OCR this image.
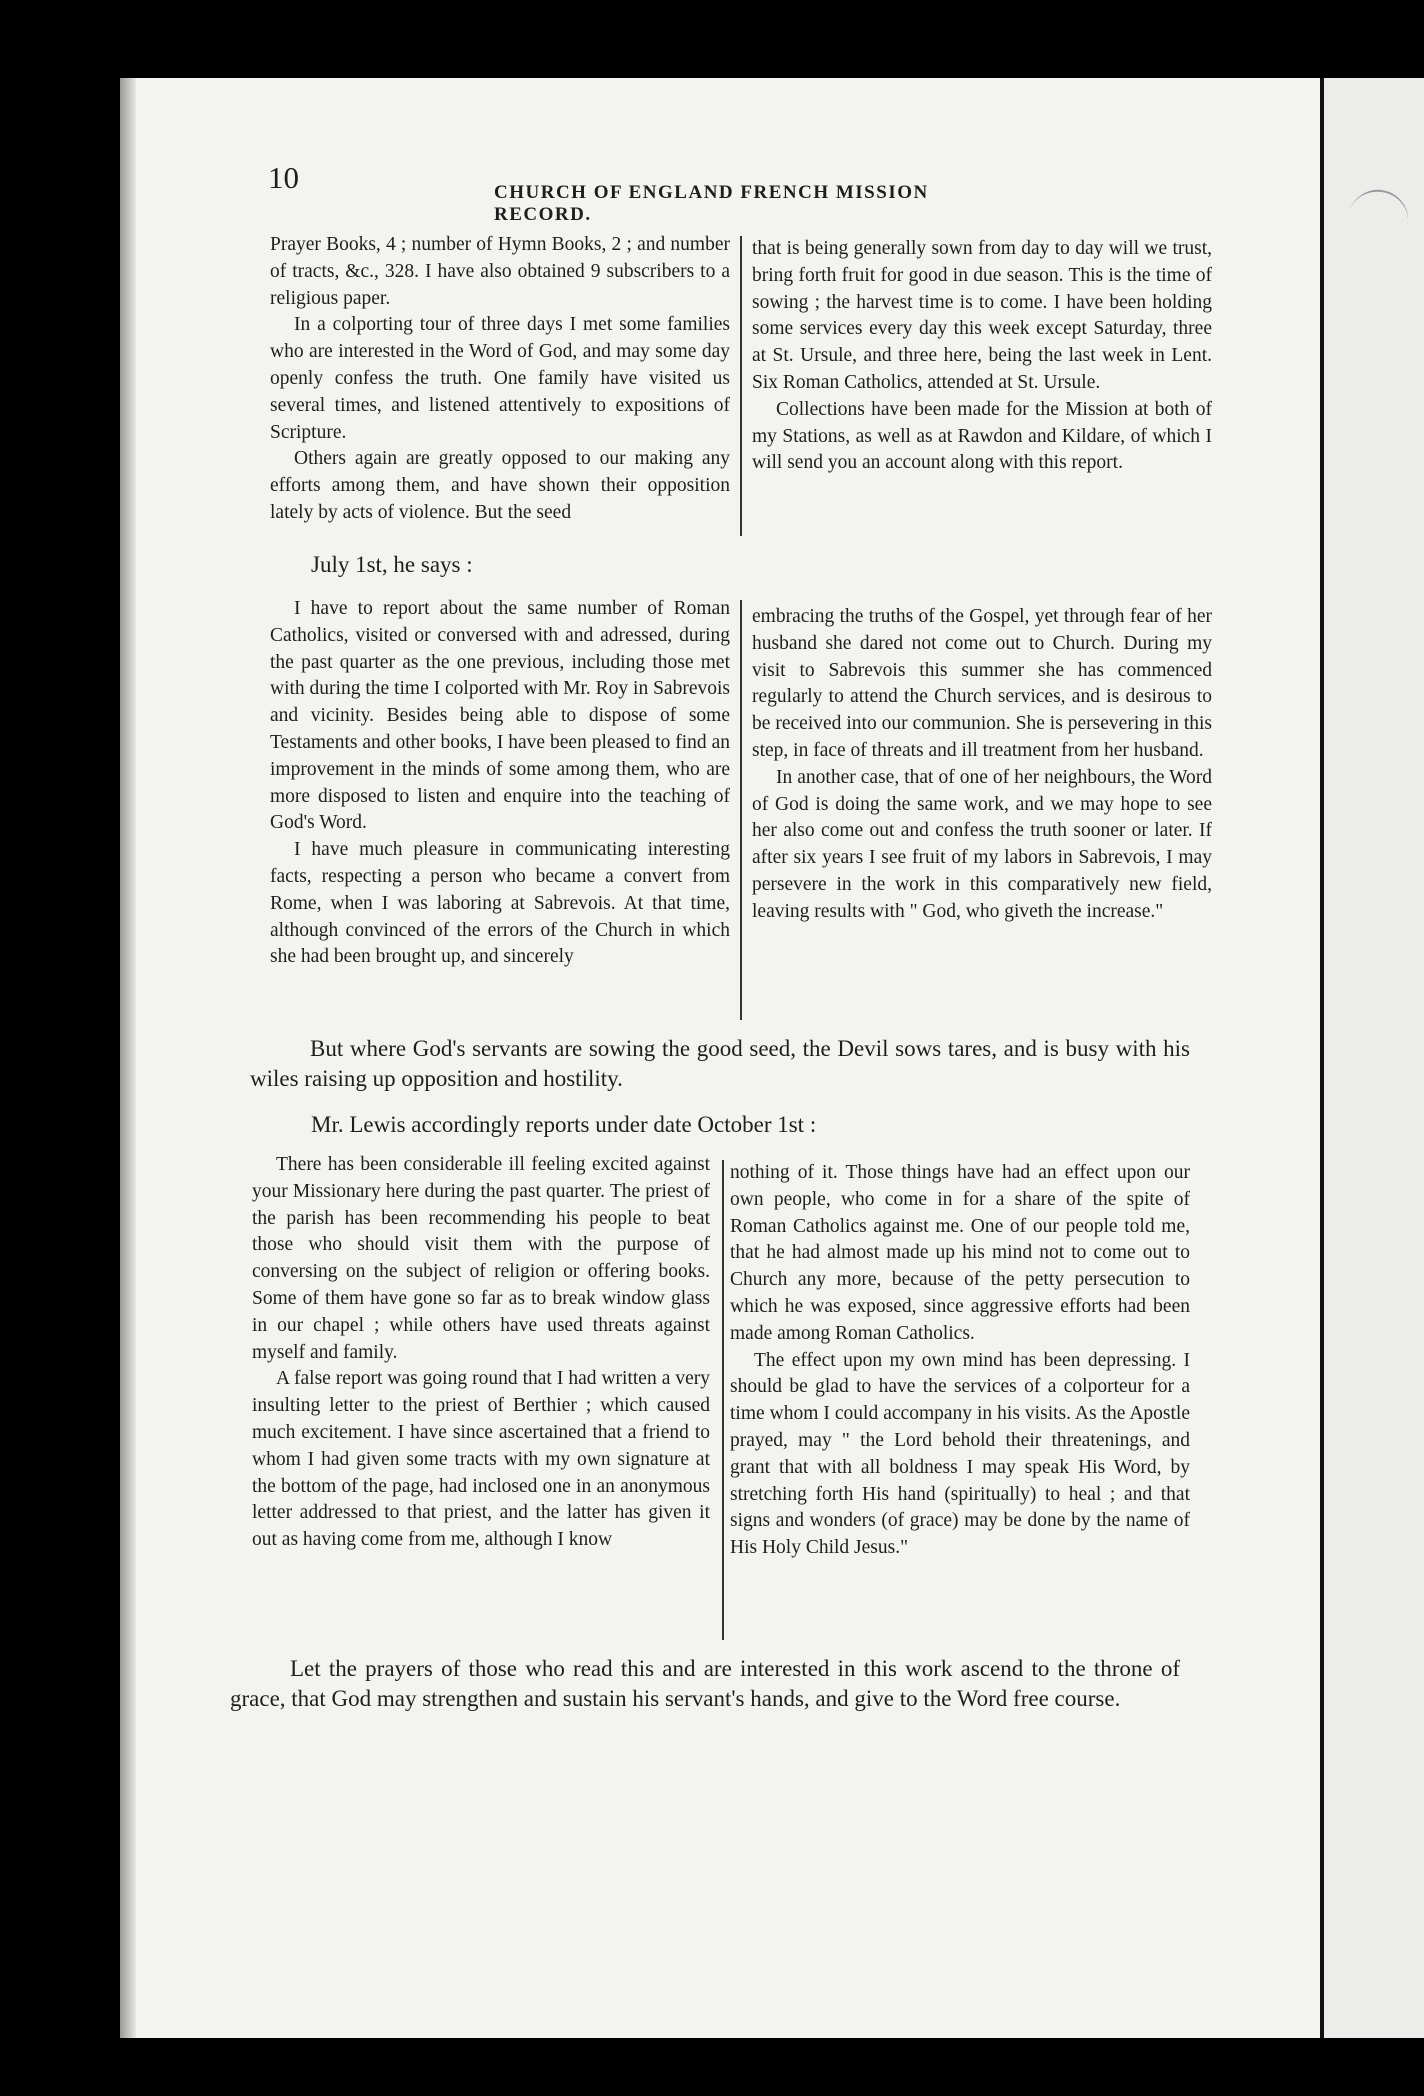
10	CHURCH OF ENGLAND FRENCH MISSION RECORD.

Prayer Books, 4 ; number of Hymn Books, 2 ; and number of tracts, &c., 328. I have also obtained 9 subscribers to a religious paper.

In a colporting tour of three days I met some families who are interested in the Word of God, and may some day openly confess the truth. One family have visited us several times, and listened attentively to expositions of Scripture.

Others again are greatly opposed to our making any efforts among them, and have shown their opposition lately by acts of violence. But the seed

that is being generally sown from day to day will we trust, bring forth fruit for good in due season. This is the time of sowing ; the harvest time is to come. I have been holding some services every day this week except Saturday, three at St. Ursule, and three here, being the last week in Lent. Six Roman Catholics, attended at St. Ursule.

Collections have been made for the Mission at both of my Stations, as well as at Rawdon and Kildare, of which I will send you an account along with this report.

July 1st, he says :

I have to report about the same number of Roman Catholics, visited or conversed with and adressed, during the past quarter as the one previous, including those met with during the time I colported with Mr. Roy in Sabrevois and vicinity. Besides being able to dispose of some Testaments and other books, I have been pleased to find an improvement in the minds of some among them, who are more disposed to listen and enquire into the teaching of God's Word.

I have much pleasure in communicating interesting facts, respecting a person who became a convert from Rome, when I was laboring at Sabrevois. At that time, although convinced of the errors of the Church in which she had been brought up, and sincerely

embracing the truths of the Gospel, yet through fear of her husband she dared not come out to Church. During my visit to Sabrevois this summer she has commenced regularly to attend the Church services, and is desirous to be received into our communion. She is persevering in this step, in face of threats and ill treatment from her husband.

In another case, that of one of her neighbours, the Word of God is doing the same work, and we may hope to see her also come out and confess the truth sooner or later. If after six years I see fruit of my labors in Sabrevois, I may persevere in the work in this comparatively new field, leaving results with " God, who giveth the increase."

But where God's servants are sowing the good seed, the Devil sows tares, and is busy with his wiles raising up opposition and hostility.

Mr. Lewis accordingly reports under date October 1st :

There has been considerable ill feeling excited against your Missionary here during the past quarter. The priest of the parish has been recommending his people to beat those who should visit them with the purpose of conversing on the subject of religion or offering books. Some of them have gone so far as to break window glass in our chapel ; while others have used threats against myself and family.

A false report was going round that I had written a very insulting letter to the priest of Berthier ; which caused much excitement. I have since ascertained that a friend to whom I had given some tracts with my own signature at the bottom of the page, had inclosed one in an anonymous letter addressed to that priest, and the latter has given it out as having come from me, although I know

nothing of it. Those things have had an effect upon our own people, who come in for a share of the spite of Roman Catholics against me. One of our people told me, that he had almost made up his mind not to come out to Church any more, because of the petty persecution to which he was exposed, since aggressive efforts had been made among Roman Catholics.

The effect upon my own mind has been depressing. I should be glad to have the services of a colporteur for a time whom I could accompany in his visits. As the Apostle prayed, may " the Lord behold their threatenings, and grant that with all boldness I may speak His Word, by stretching forth His hand (spiritually) to heal ; and that signs and wonders (of grace) may be done by the name of His Holy Child Jesus."

Let the prayers of those who read this and are interested in this work ascend to the throne of grace, that God may strengthen and sustain his servant's hands, and give to the Word free course.
